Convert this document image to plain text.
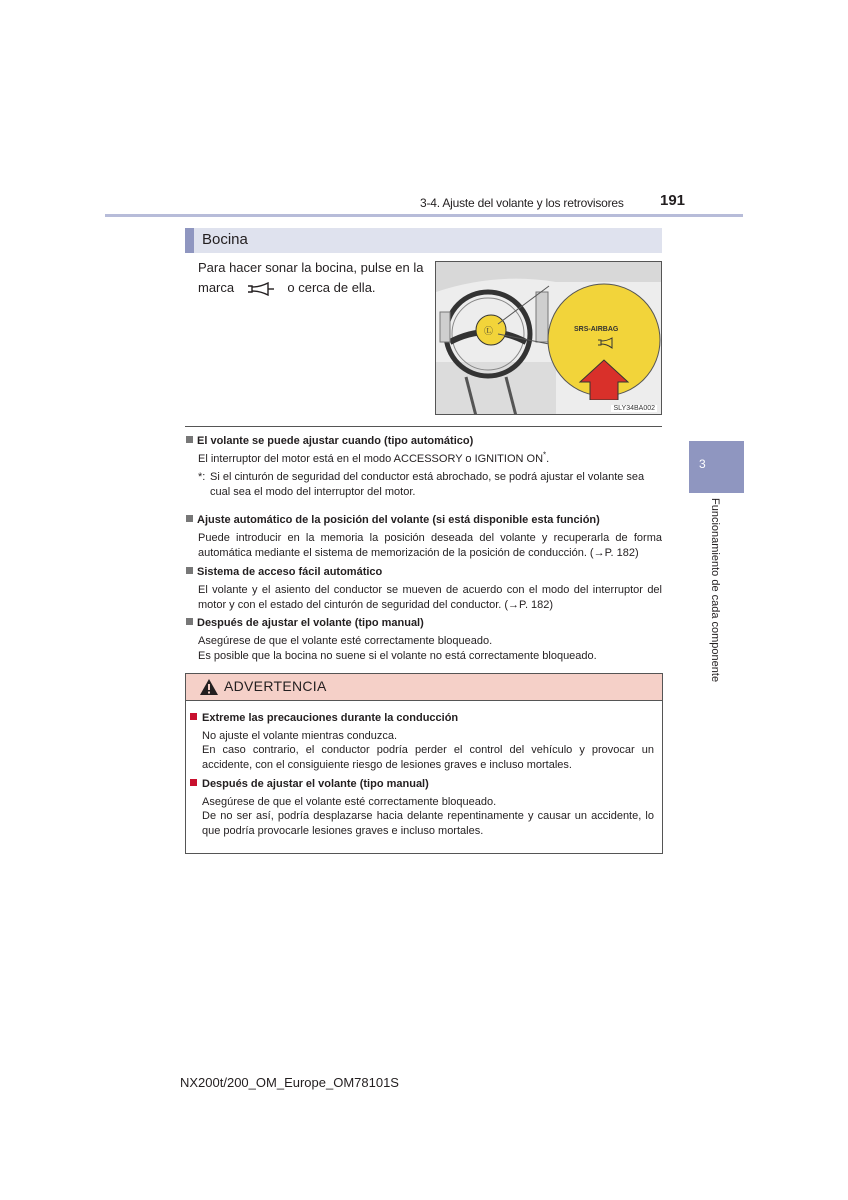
3-4. Ajuste del volante y los retrovisores 191
Bocina
Para hacer sonar la bocina, pulse en la
marca	o cerca de ella.
Ⓛ	SRS-AIRBAG
SLY34BA002
El volante se puede ajustar cuando (tipo automático)
El interruptor del motor está en el modo ACCESSORY o IGNITION ON*.
*: Si el cinturón de seguridad del conductor está abrochado, se podrá ajustar el volante sea cual sea el modo del interruptor del motor.
Ajuste automático de la posición del volante (si está disponible esta función)
Puede introducir en la memoria la posición deseada del volante y recuperarla de forma automática mediante el sistema de memorización de la posición de conducción. (→P. 182)
Sistema de acceso fácil automático
El volante y el asiento del conductor se mueven de acuerdo con el modo del interruptor del motor y con el estado del cinturón de seguridad del conductor. (→P. 182)
Después de ajustar el volante (tipo manual)
Asegúrese de que el volante esté correctamente bloqueado.
Es posible que la bocina no suene si el volante no está correctamente bloqueado.
ADVERTENCIA
Extreme las precauciones durante la conducción
No ajuste el volante mientras conduzca.
En caso contrario, el conductor podría perder el control del vehículo y provocar un accidente, con el consiguiente riesgo de lesiones graves e incluso mortales.
Después de ajustar el volante (tipo manual)
Asegúrese de que el volante esté correctamente bloqueado.
De no ser así, podría desplazarse hacia delante repentinamente y causar un accidente, lo que podría provocarle lesiones graves e incluso mortales.
3
Funcionamiento de cada componente
NX200t/200_OM_Europe_OM78101S
